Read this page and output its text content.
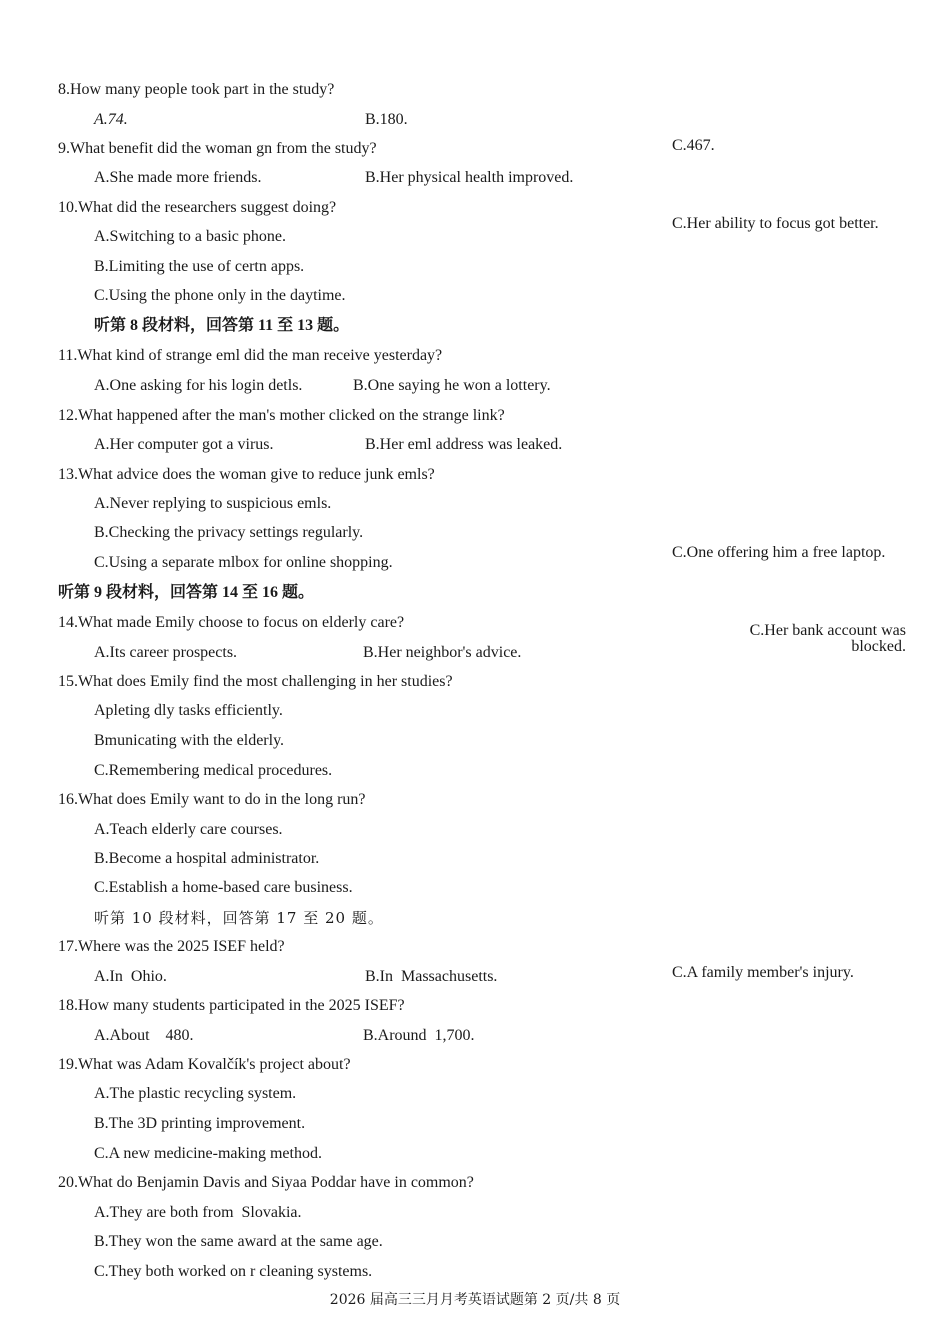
8.How many people took part in the study?
A.74.	B.180.
C.467.
9.What benefit did the woman gn from the study?
A.She made more friends.	B.Her physical health improved.
C.Her ability to focus got better.
10.What did the researchers suggest doing?
A.Switching to a basic phone.
B.Limiting the use of certn apps.
C.Using the phone only in the daytime.
听第 8 段材料，回答第 11 至 13 题。
11.What kind of strange eml did the man receive yesterday?
A.One asking for his login detls.	B.One saying he won a lottery.
C.One offering him a free laptop.
12.What happened after the man's mother clicked on the strange link?
A.Her computer got a virus.	B.Her eml address was leaked.
C.Her bank account was
blocked.
13.What advice does the woman give to reduce junk emls?
A.Never replying to suspicious emls.
B.Checking the privacy settings regularly.
C.Using a separate mlbox for online shopping.
听第 9 段材料，回答第 14 至 16 题。
14.What made Emily choose to focus on elderly care?
A.Its career prospects.	B.Her neighbor's advice.
C.A family member's injury.
15.What does Emily find the most challenging in her studies?
Apleting dly tasks efficiently.
Bmunicating with the elderly.
C.Remembering medical procedures.
16.What does Emily want to do in the long run?
A.Teach elderly care courses.
B.Become a hospital administrator.
C.Establish a home-based care business.
听第 10 段材料，回答第 17 至 20 题。
17.Where was the 2025 ISEF held?
A.In  Ohio.	B.In  Massachusetts.
18.How many students participated in the 2025 ISEF?
A.About    480.	B.Around  1,700.
19.What was Adam Kovalčík's project about?
A.The plastic recycling system.
B.The 3D printing improvement.
C.A new medicine-making method.
20.What do Benjamin Davis and Siyaa Poddar have in common?
A.They are both from  Slovakia.
B.They won the same award at the same age.
C.They both worked on r cleaning systems.
2026 届高三三月月考英语试题第 2 页/共 8 页
